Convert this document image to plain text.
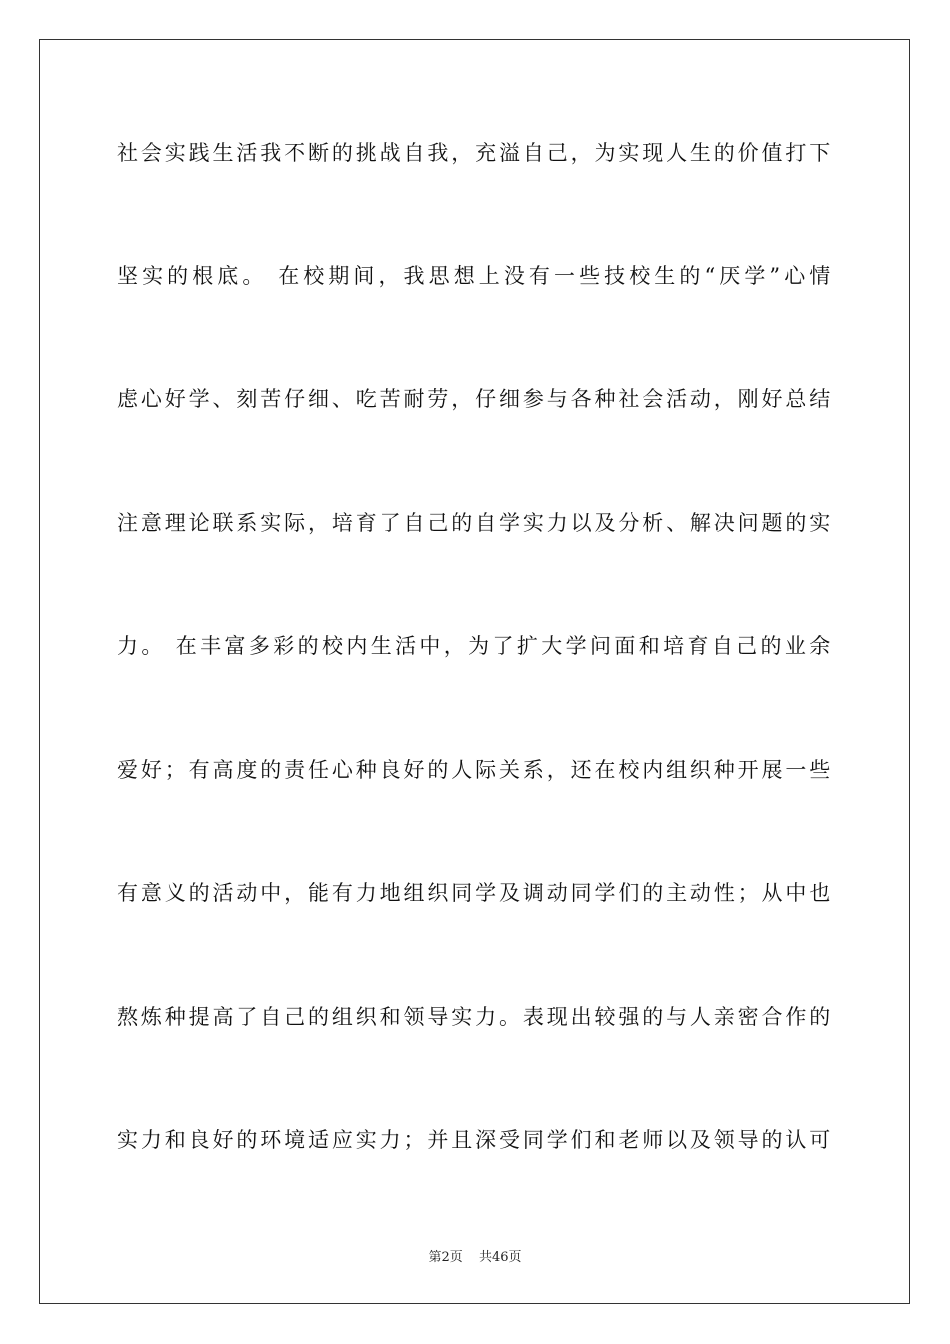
社会实践生活我不断的挑战自我，充溢自己，为实现人生的价值打下
坚实的根底。 在校期间，我思想上没有一些技校生的“厌学”心情
虑心好学、刻苦仔细、吃苦耐劳，仔细参与各种社会活动，刚好总结
注意理论联系实际，培育了自己的自学实力以及分析、解决问题的实
力。 在丰富多彩的校内生活中，为了扩大学问面和培育自己的业余
爱好；有高度的责任心种良好的人际关系，还在校内组织种开展一些
有意义的活动中，能有力地组织同学及调动同学们的主动性；从中也
熬炼种提高了自己的组织和领导实力。表现出较强的与人亲密合作的
实力和良好的环境适应实力；并且深受同学们和老师以及领导的认可
第2页 共46页
